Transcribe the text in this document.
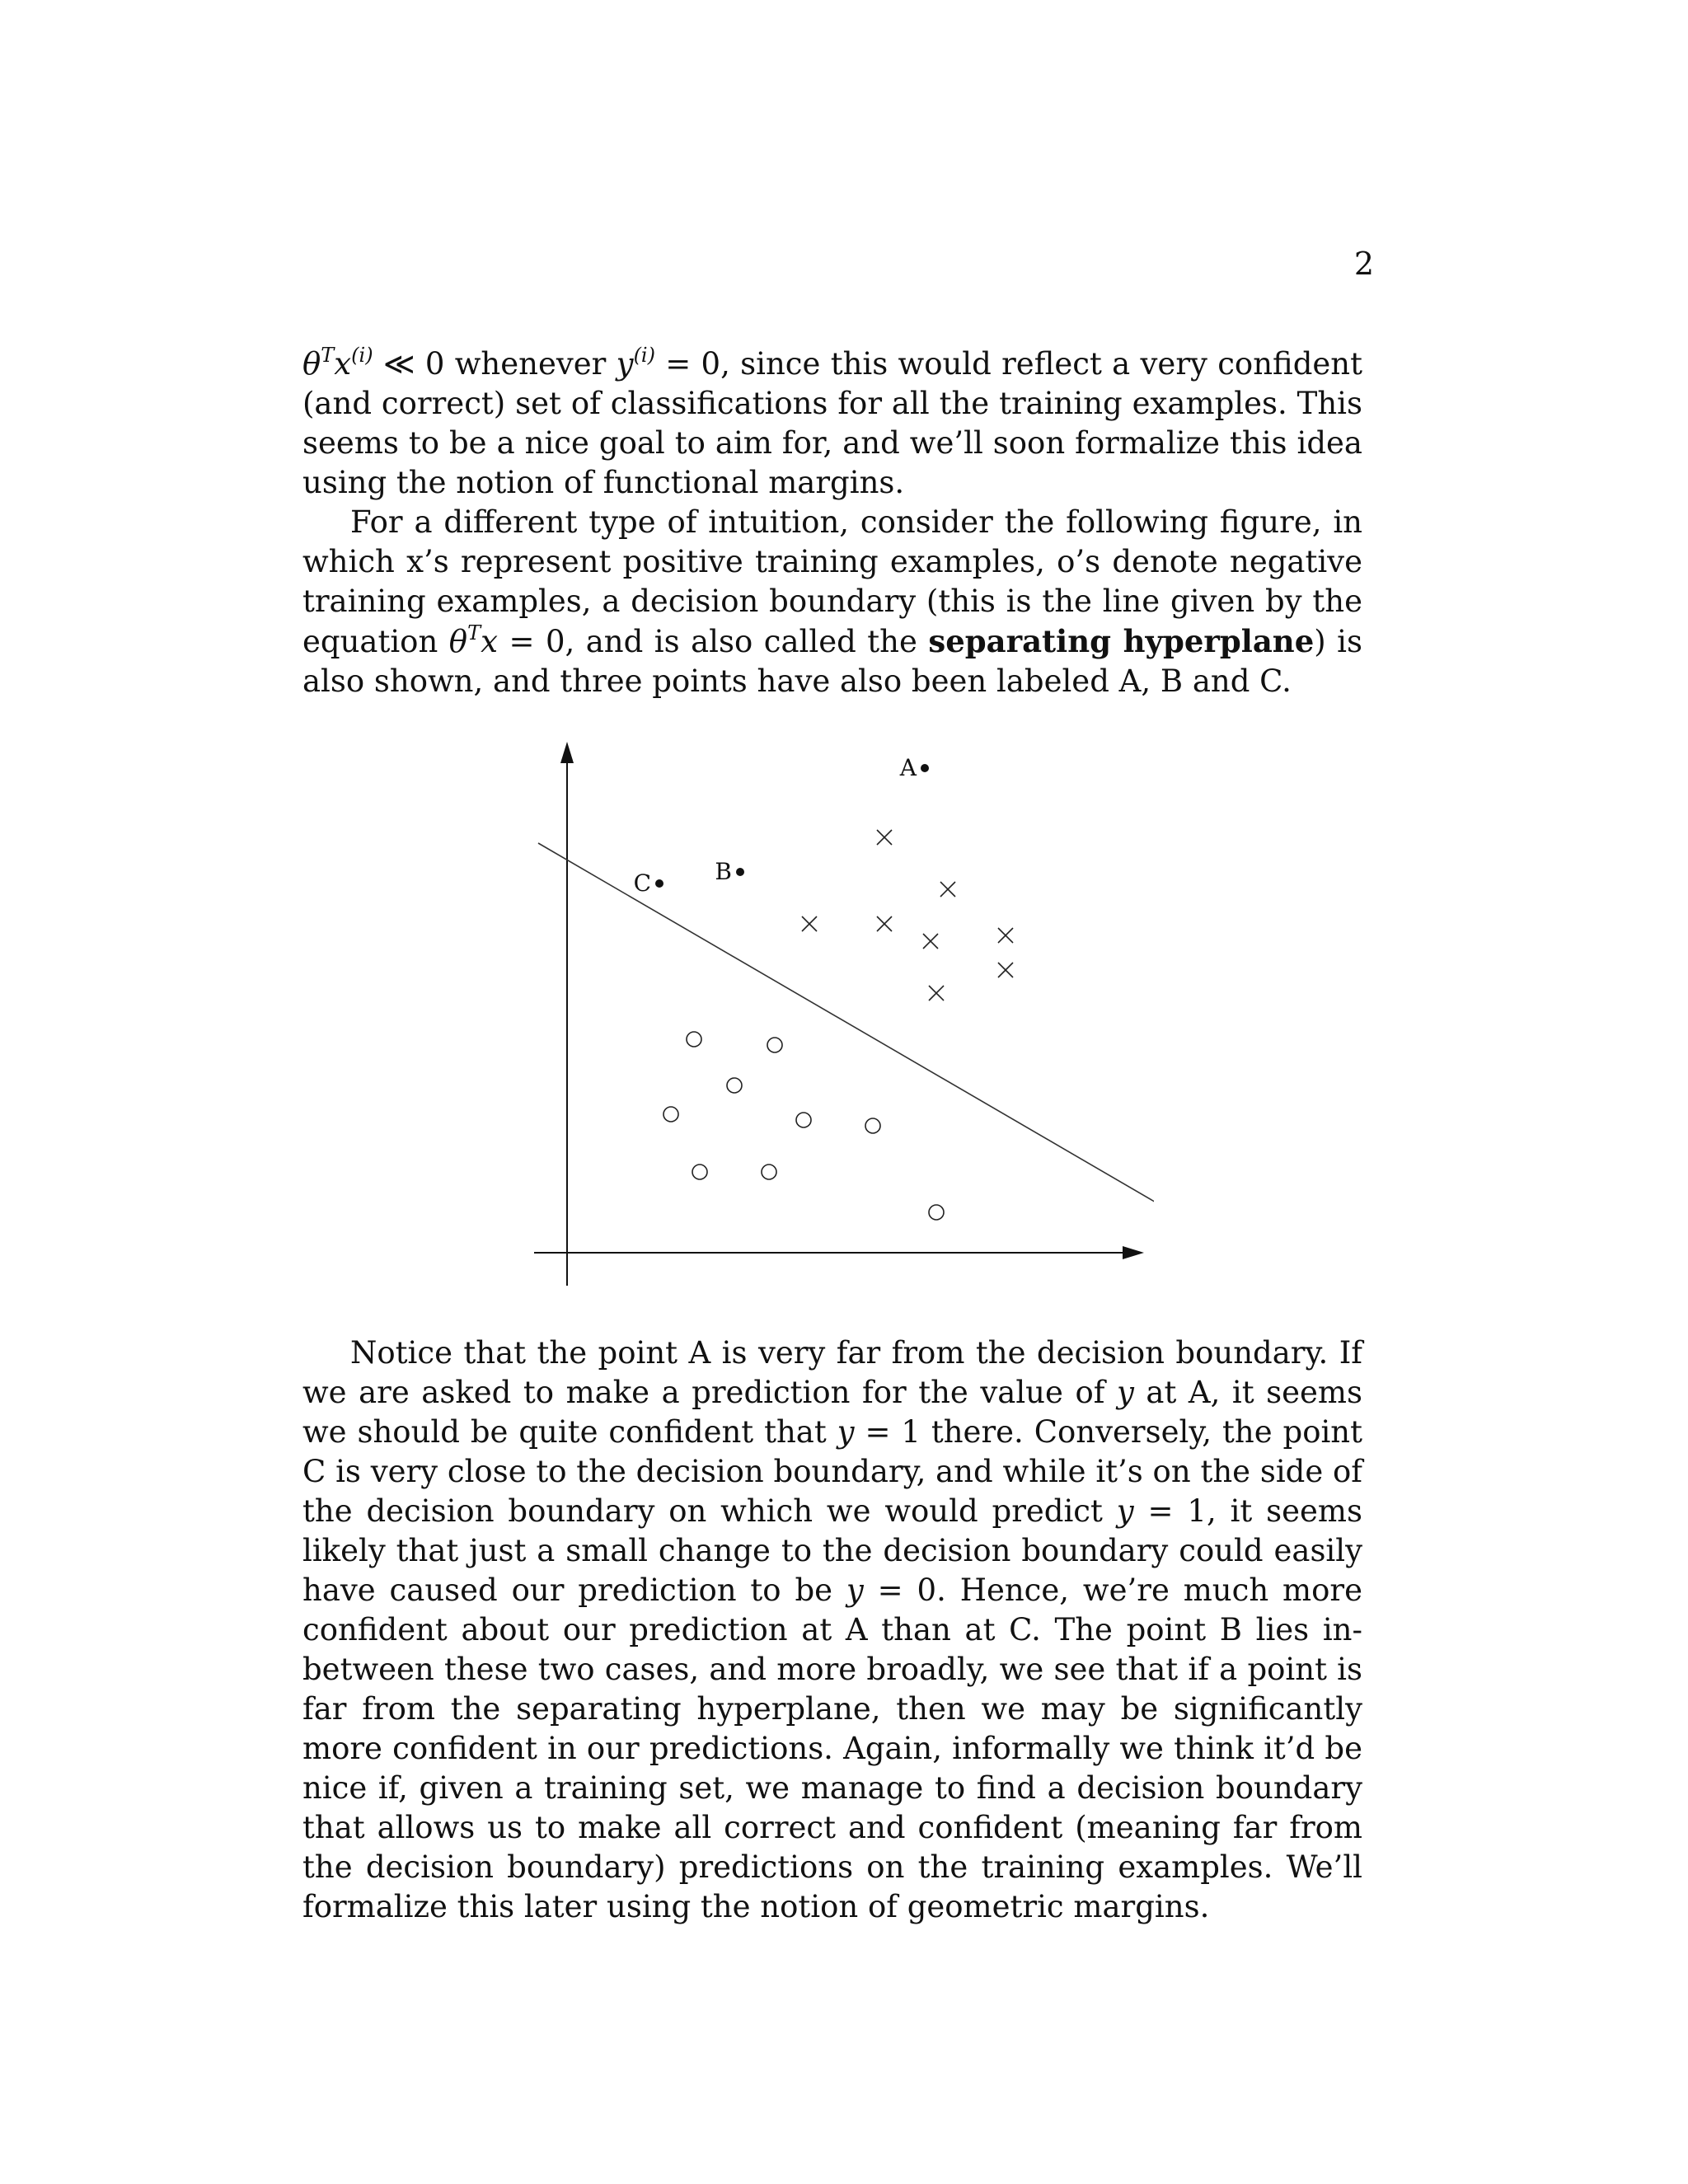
2

$\theta^Tx^{(i)}$ ≪ 0 whenever $y^{(i)} = 0$, since this would reflect a very confident (and correct) set of classifications for all the training examples. This seems to be a nice goal to aim for, and we’ll soon formalize this idea using the notion of functional margins.

For a different type of intuition, consider the following figure, in which x’s represent positive training examples, o’s denote negative training examples, a decision boundary (this is the line given by the equation $\theta^Tx = 0$, and is also called the separating hyperplane) is also shown, and three points have also been labeled A, B and C.

A
B
C

Notice that the point A is very far from the decision boundary. If we are asked to make a prediction for the value of y at A, it seems we should be quite confident that y = 1 there. Conversely, the point C is very close to the decision boundary, and while it’s on the side of the decision boundary on which we would predict y = 1, it seems likely that just a small change to the decision boundary could easily have caused our prediction to be y = 0. Hence, we’re much more confident about our prediction at A than at C. The point B lies in-between these two cases, and more broadly, we see that if a point is far from the separating hyperplane, then we may be significantly more confident in our predictions. Again, informally we think it’d be nice if, given a training set, we manage to find a decision boundary that allows us to make all correct and confident (meaning far from the decision boundary) predictions on the training examples. We’ll formalize this later using the notion of geometric margins.
